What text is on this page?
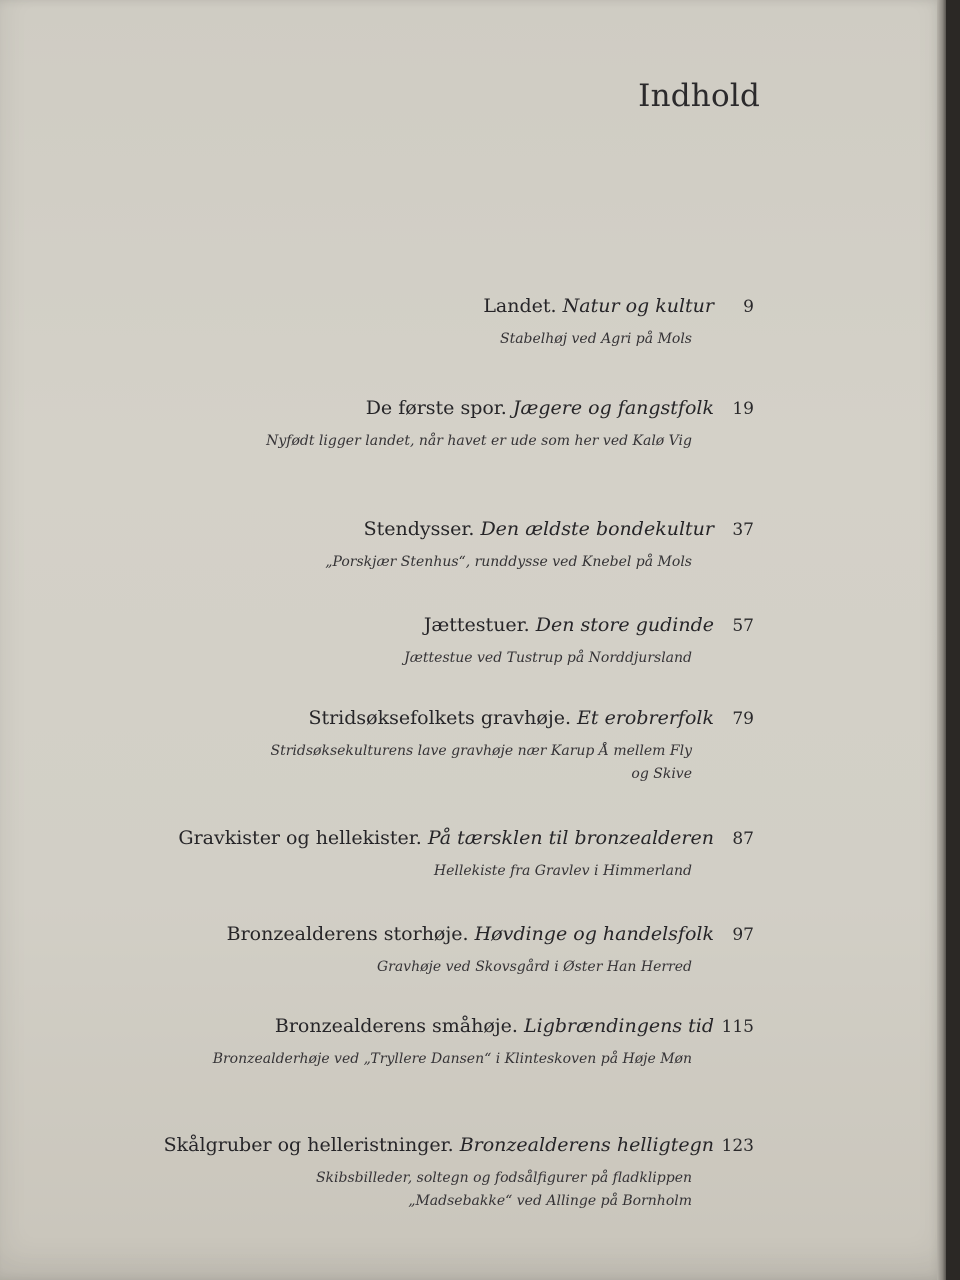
Indhold
Landet. Natur og kultur	9
Stabelhøj ved Agri på Mols
De første spor. Jægere og fangstfolk	19
Nyfødt ligger landet, når havet er ude som her ved Kalø Vig
Stendysser. Den ældste bondekultur	37
„Porskjær Stenhus“, runddysse ved Knebel på Mols
Jættestuer. Den store gudinde	57
Jættestue ved Tustrup på Norddjursland
Stridsøksefolkets gravhøje. Et erobrerfolk	79
Stridsøksekulturens lave gravhøje nær Karup Å mellem Fly og Skive
Gravkister og hellekister. På tærsklen til bronzealderen	87
Hellekiste fra Gravlev i Himmerland
Bronzealderens storhøje. Høvdinge og handelsfolk	97
Gravhøje ved Skovsgård i Øster Han Herred
Bronzealderens småhøje. Ligbrændingens tid 115
Bronzealderhøje ved „Tryllere Dansen“ i Klinteskoven på Høje Møn
Skålgruber og helleristninger. Bronzealderens helligtegn 123
Skibsbilleder, soltegn og fodsålfigurer på fladklippen „Madsebakke“ ved Allinge på Bornholm
